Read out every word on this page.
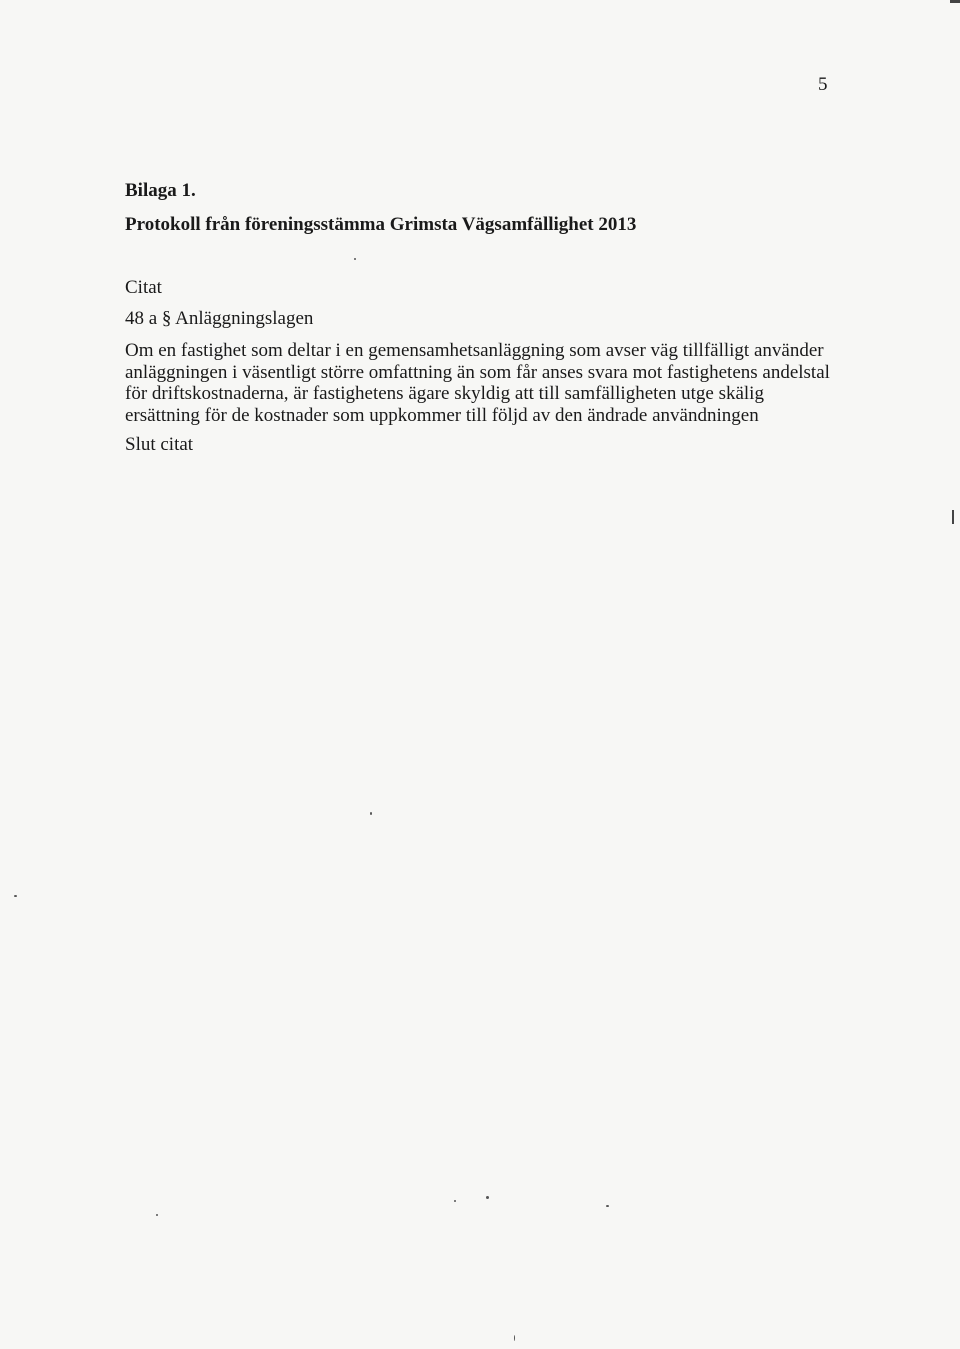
5
Bilaga 1.
Protokoll från föreningsstämma Grimsta Vägsamfällighet 2013
Citat
48 a § Anläggningslagen
Om en fastighet som deltar i en gemensamhetsanläggning som avser väg tillfälligt använder
anläggningen i väsentligt större omfattning än som får anses svara mot fastighetens andelstal
för driftskostnaderna, är fastighetens ägare skyldig att till samfälligheten utge skälig
ersättning för de kostnader som uppkommer till följd av den ändrade användningen
Slut citat
